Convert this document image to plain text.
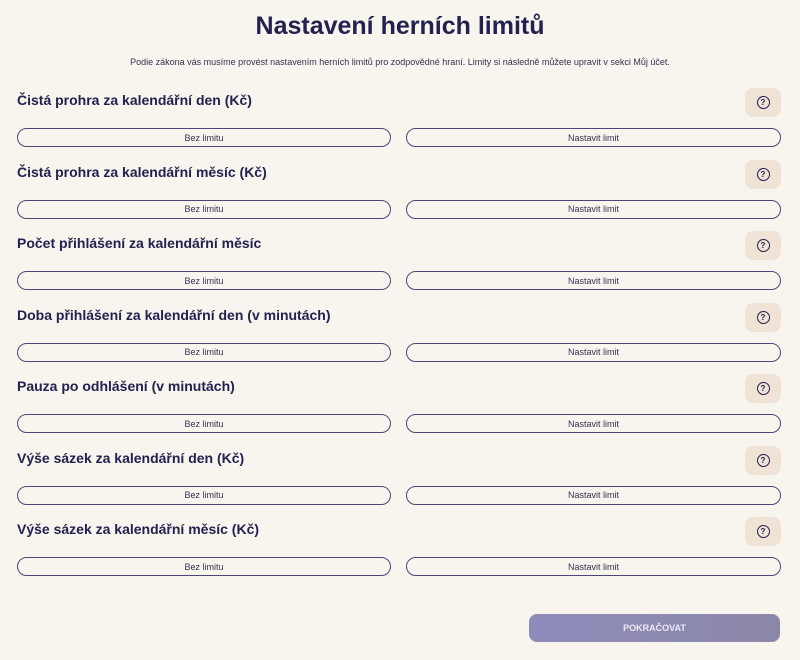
Nastavení herních limitů
Podie zákona vás musíme provést nastavením herních limitů pro zodpovědné hraní. Limity si následně můžete upravit v sekci Můj účet.
Čistá prohra za kalendářní den (Kč)	?
Bez limitu	Nastavit limit
Čistá prohra za kalendářní měsíc (Kč)	?
Bez limitu	Nastavit limit
Počet přihlášení za kalendářní měsíc	?
Bez limitu	Nastavit limit
Doba přihlášení za kalendářní den (v minutách)	?
Bez limitu	Nastavit limit
Pauza po odhlášení (v minutách)	?
Bez limitu	Nastavit limit
Výše sázek za kalendářní den (Kč)	?
Bez limitu	Nastavit limit
Výše sázek za kalendářní měsíc (Kč)	?
Bez limitu	Nastavit limit
POKRAČOVAT
